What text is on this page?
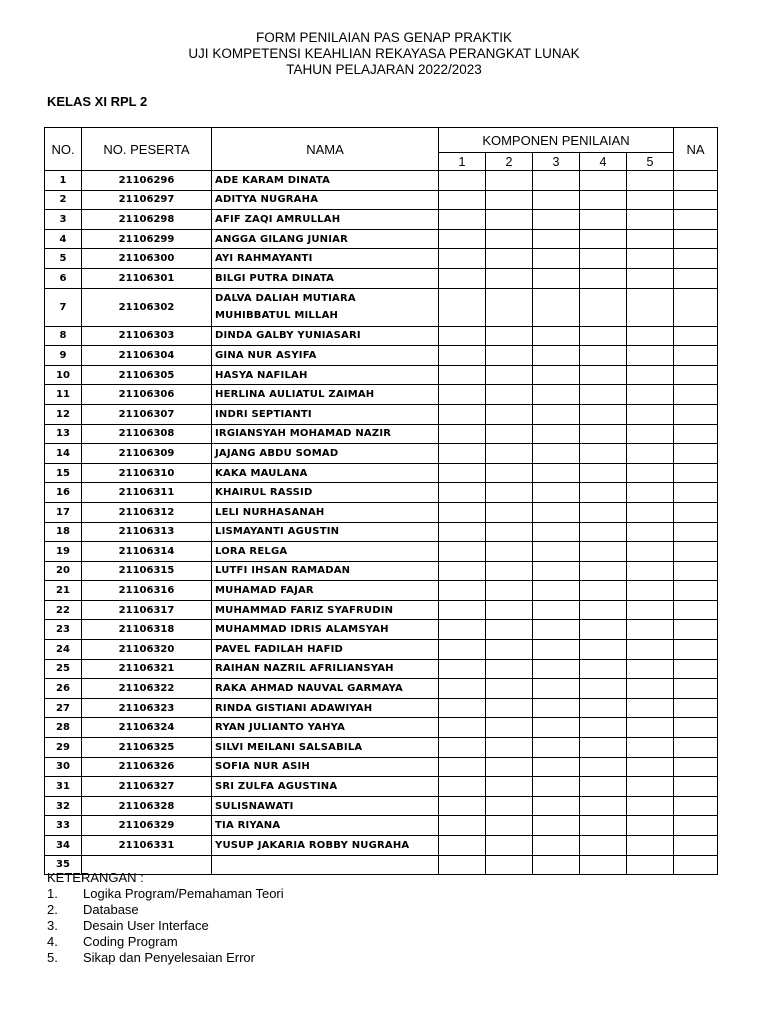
FORM PENILAIAN PAS GENAP PRAKTIK
UJI KOMPETENSI KEAHLIAN REKAYASA PERANGKAT LUNAK
TAHUN PELAJARAN 2022/2023
KELAS XI RPL 2
NO.	NO. PESERTA	NAMA	KOMPONEN PENILAIAN					NA
			1	2	3	4	5	
1	21106296	ADE KARAM DINATA						
2	21106297	ADITYA NUGRAHA						
3	21106298	AFIF ZAQI AMRULLAH						
4	21106299	ANGGA GILANG JUNIAR						
5	21106300	AYI RAHMAYANTI						
6	21106301	BILGI PUTRA DINATA						
7	21106302	DALVA DALIAH MUTIARA
MUHIBBATUL MILLAH						

8	21106303	DINDA GALBY YUNIASARI						
9	21106304	GINA NUR ASYIFA						
10	21106305	HASYA NAFILAH						
11	21106306	HERLINA AULIATUL ZAIMAH						
12	21106307	INDRI SEPTIANTI						
13	21106308	IRGIANSYAH MOHAMAD NAZIR						
14	21106309	JAJANG ABDU SOMAD						
15	21106310	KAKA MAULANA						
16	21106311	KHAIRUL RASSID						
17	21106312	LELI NURHASANAH						
18	21106313	LISMAYANTI AGUSTIN						
19	21106314	LORA RELGA						
20	21106315	LUTFI IHSAN RAMADAN						
21	21106316	MUHAMAD FAJAR						
22	21106317	MUHAMMAD FARIZ SYAFRUDIN						
23	21106318	MUHAMMAD IDRIS ALAMSYAH						
24	21106320	PAVEL FADILAH HAFID						
25	21106321	RAIHAN NAZRIL AFRILIANSYAH						
26	21106322	RAKA AHMAD NAUVAL GARMAYA						
27	21106323	RINDA GISTIANI ADAWIYAH						
28	21106324	RYAN JULIANTO YAHYA						
29	21106325	SILVI MEILANI SALSABILA						
30	21106326	SOFIA NUR ASIH						
31	21106327	SRI ZULFA AGUSTINA						
32	21106328	SULISNAWATI						
33	21106329	TIA RIYANA						
34	21106331	YUSUP JAKARIA ROBBY NUGRAHA						
35								
KETERANGAN :
1. Logika Program/Pemahaman Teori
2. Database
3. Desain User Interface
4. Coding Program
5. Sikap dan Penyelesaian Error
